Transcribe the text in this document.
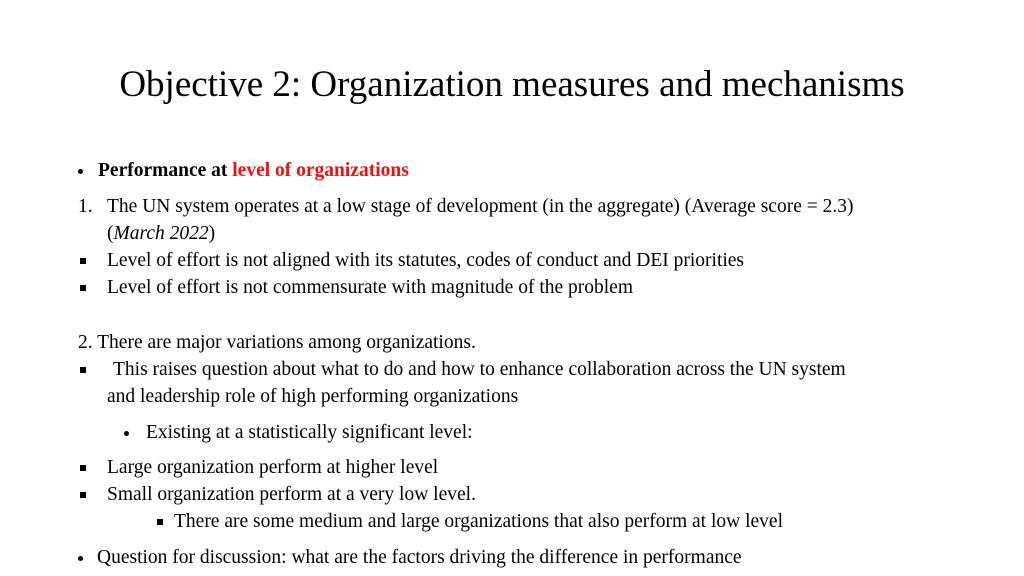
Objective 2: Organization measures and mechanisms
Performance at level of organizations
1. The UN system operates at a low stage of development (in the aggregate) (Average score = 2.3)
(March 2022)
Level of effort is not aligned with its statutes, codes of conduct and DEI priorities
Level of effort is not commensurate with magnitude of the problem
2. There are major variations among organizations.
This raises question about what to do and how to enhance collaboration across the UN system
and leadership role of high performing organizations
Existing at a statistically significant level:
Large organization perform at higher level
Small organization perform at a very low level.
There are some medium and large organizations that also perform at low level
Question for discussion: what are the factors driving the difference in performance
